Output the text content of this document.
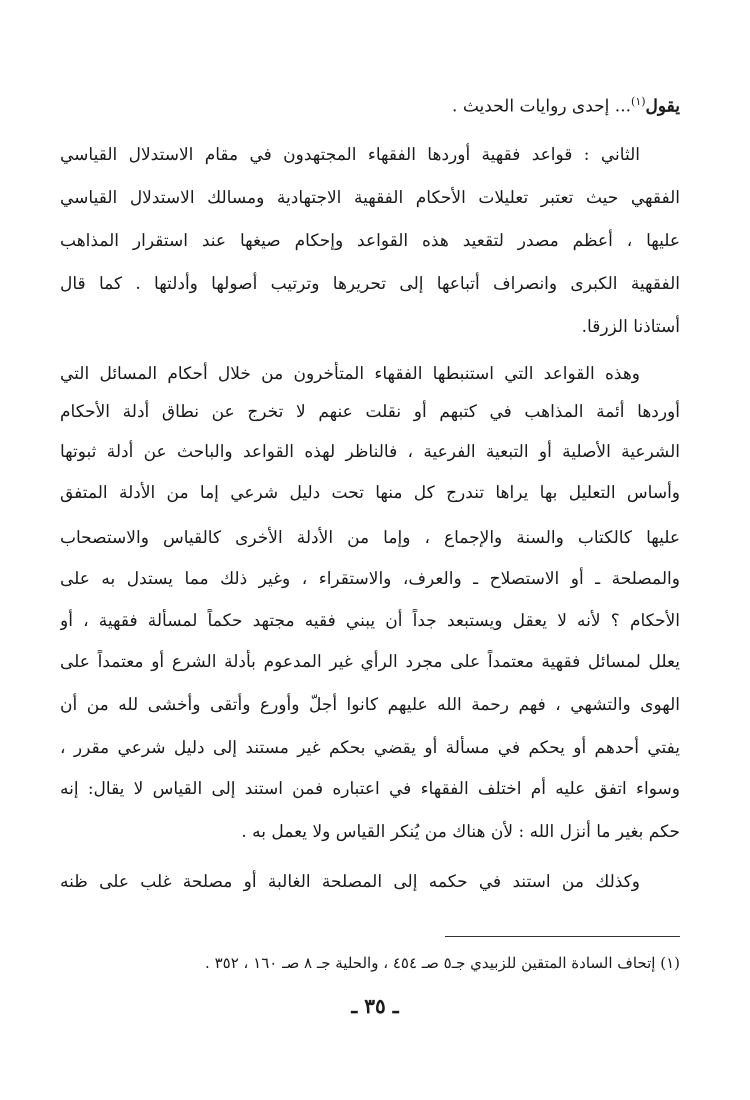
يقول$^{(١)}$... إحدى روايات الحديث .
الثاني : قواعد فقهية أوردها الفقهاء المجتهدون في مقام الاستدلال القياسي
الفقهي حيث تعتبر تعليلات الأحكام الفقهية الاجتهادية ومسالك الاستدلال القياسي
عليها ، أعظم مصدر لتقعيد هذه القواعد وإحكام صيغها عند استقرار المذاهب
الفقهية الكبرى وانصراف أتباعها إلى تحريرها وترتيب أصولها وأدلتها . كما قال
أستاذنا الزرقا.
وهذه القواعد التي استنبطها الفقهاء المتأخرون من خلال أحكام المسائل التي
أوردها أئمة المذاهب في كتبهم أو نقلت عنهم لا تخرج عن نطاق أدلة الأحكام
الشرعية الأصلية أو التبعية الفرعية ، فالناظر لهذه القواعد والباحث عن أدلة ثبوتها
وأساس التعليل بها يراها تندرج كل منها تحت دليل شرعي إما من الأدلة المتفق
عليها كالكتاب والسنة والإجماع ، وإما من الأدلة الأخرى كالقياس والاستصحاب
والمصلحة ـ أو الاستصلاح ـ والعرف، والاستقراء ، وغير ذلك مما يستدل به على
الأحكام ؟ لأنه لا يعقل ويستبعد جداً أن يبني فقيه مجتهد حكماً لمسألة فقهية ، أو
يعلل لمسائل فقهية معتمداً على مجرد الرأي غير المدعوم بأدلة الشرع أو معتمداً على
الهوى والتشهي ، فهم رحمة الله عليهم كانوا أجلّ وأورع وأتقى وأخشى لله من أن
يفتي أحدهم أو يحكم في مسألة أو يقضي بحكم غير مستند إلى دليل شرعي مقرر ،
وسواء اتفق عليه أم اختلف الفقهاء في اعتباره فمن استند إلى القياس لا يقال: إنه
حكم بغير ما أنزل الله : لأن هناك من يُنكر القياس ولا يعمل به .
وكذلك من استند في حكمه إلى المصلحة الغالبة أو مصلحة غلب على ظنه
(١) إتحاف السادة المتقين للزبيدي جـ٥ صـ ٤٥٤ ، والحلية جـ ٨ صـ ١٦٠ ، ٣٥٢ .
ـ ٣٥ ـ
